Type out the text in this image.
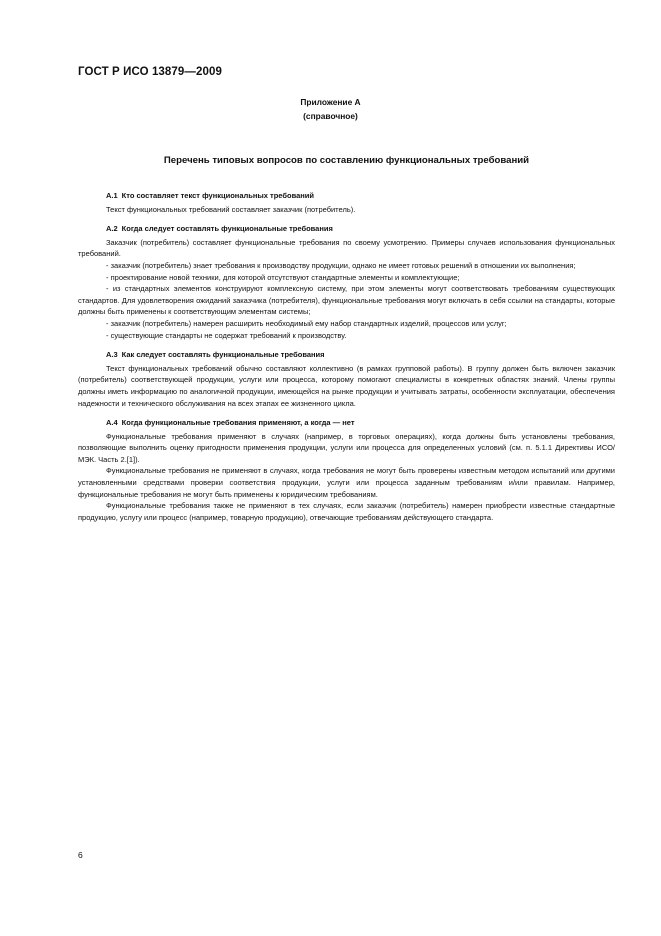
ГОСТ Р ИСО 13879—2009
Приложение А
(справочное)
Перечень типовых вопросов по составлению функциональных требований
A.1 Кто составляет текст функциональных требований

Текст функциональных требований составляет заказчик (потребитель).

A.2 Когда следует составлять функциональные требования

Заказчик (потребитель) составляет функциональные требования по своему усмотрению. Примеры случаев использования функциональных требований.

- заказчик (потребитель) знает требования к производству продукции, однако не имеет готовых решений в отношении их выполнения;

- проектирование новой техники, для которой отсутствуют стандартные элементы и комплектующие;

- из стандартных элементов конструируют комплексную систему, при этом элементы могут соответствовать требованиям существующих стандартов. Для удовлетворения ожиданий заказчика (потребителя), функциональные требования могут включать в себя ссылки на стандарты, которые должны быть применены к соответствующим элементам системы;

- заказчик (потребитель) намерен расширить необходимый ему набор стандартных изделий, процессов или услуг;

- существующие стандарты не содержат требований к производству.

A.3 Как следует составлять функциональные требования

Текст функциональных требований обычно составляют коллективно (в рамках групповой работы). В группу должен быть включен заказчик (потребитель) соответствующей продукции, услуги или процесса, которому помогают специалисты в конкретных областях знаний. Члены группы должны иметь информацию по аналогичной продукции, имеющейся на рынке продукции и учитывать затраты, особенности эксплуатации, обеспечения надежности и технического обслуживания на всех этапах ее жизненного цикла.

A.4 Когда функциональные требования применяют, а когда — нет

Функциональные требования применяют в случаях (например, в торговых операциях), когда должны быть установлены требования, позволяющие выполнить оценку пригодности применения продукции, услуги или процесса для определенных условий (см. п. 5.1.1 Директивы ИСО/МЭК. Часть 2.[1]).

Функциональные требования не применяют в случаях, когда требования не могут быть проверены известным методом испытаний или другими установленными средствами проверки соответствия продукции, услуги или процесса заданным требованиям и/или правилам. Например, функциональные требования не могут быть применены к юридическим требованиям.

Функциональные требования также не применяют в тех случаях, если заказчик (потребитель) намерен приобрести известные стандартные продукцию, услугу или процесс (например, товарную продукцию), отвечающие требованиям действующего стандарта.

6
